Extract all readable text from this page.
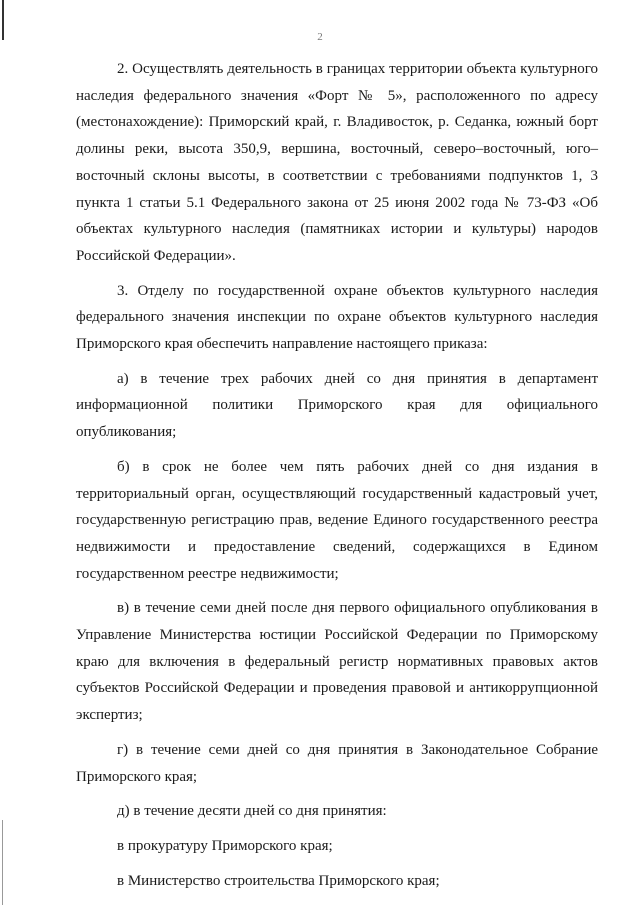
2

2. Осуществлять деятельность в границах территории объекта культурного
наследия федерального значения «Форт № 5», расположенного по адресу
(местонахождение): Приморский край, г. Владивосток, р. Седанка, южный борт
долины реки, высота 350,9, вершина, восточный, северо–восточный, юго–
восточный склоны высоты, в соответствии с требованиями подпунктов 1, 3
пункта 1 статьи 5.1 Федерального закона от 25 июня 2002 года № 73-ФЗ «Об
объектах культурного наследия (памятниках истории и культуры) народов
Российской Федерации».

3. Отделу по государственной охране объектов культурного наследия
федерального значения инспекции по охране объектов культурного наследия
Приморского края обеспечить направление настоящего приказа:

а) в течение трех рабочих дней со дня принятия в департамент
информационной политики Приморского края для официального
опубликования;

б) в срок не более чем пять рабочих дней со дня издания в
территориальный орган, осуществляющий государственный кадастровый учет,
государственную регистрацию прав, ведение Единого государственного реестра
недвижимости и предоставление сведений, содержащихся в Едином
государственном реестре недвижимости;

в) в течение семи дней после дня первого официального опубликования в
Управление Министерства юстиции Российской Федерации по Приморскому
краю для включения в федеральный регистр нормативных правовых актов
субъектов Российской Федерации и проведения правовой и антикоррупционной
экспертиз;

г) в течение семи дней со дня принятия в Законодательное Собрание
Приморского края;

д) в течение десяти дней со дня принятия:

в прокуратуру Приморского края;

в Министерство строительства Приморского края;
